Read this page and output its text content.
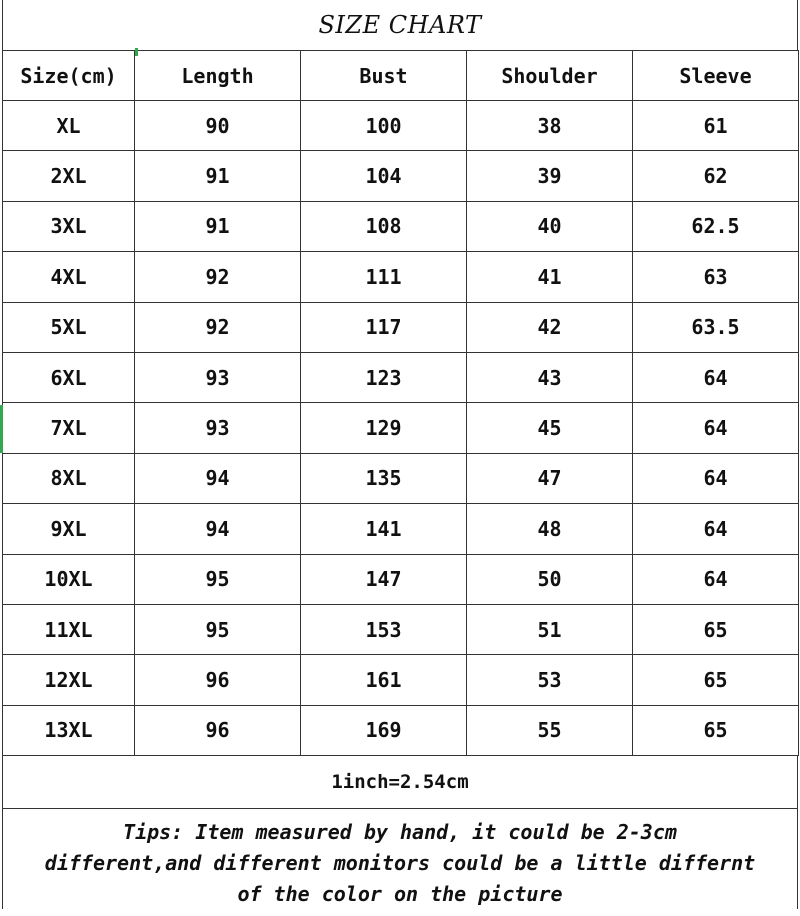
SIZE CHART
Size(cm)	Length	Bust	Shoulder	Sleeve
XL	90	100	38	61
2XL	91	104	39	62
3XL	91	108	40	62.5
4XL	92	111	41	63
5XL	92	117	42	63.5
6XL	93	123	43	64
7XL	93	129	45	64
8XL	94	135	47	64
9XL	94	141	48	64
10XL	95	147	50	64
11XL	95	153	51	65
12XL	96	161	53	65
13XL	96	169	55	65
1inch=2.54cm
Tips: Item measured by hand, it could be 2-3cm different,and different monitors could be a little differnt of the color on the picture
